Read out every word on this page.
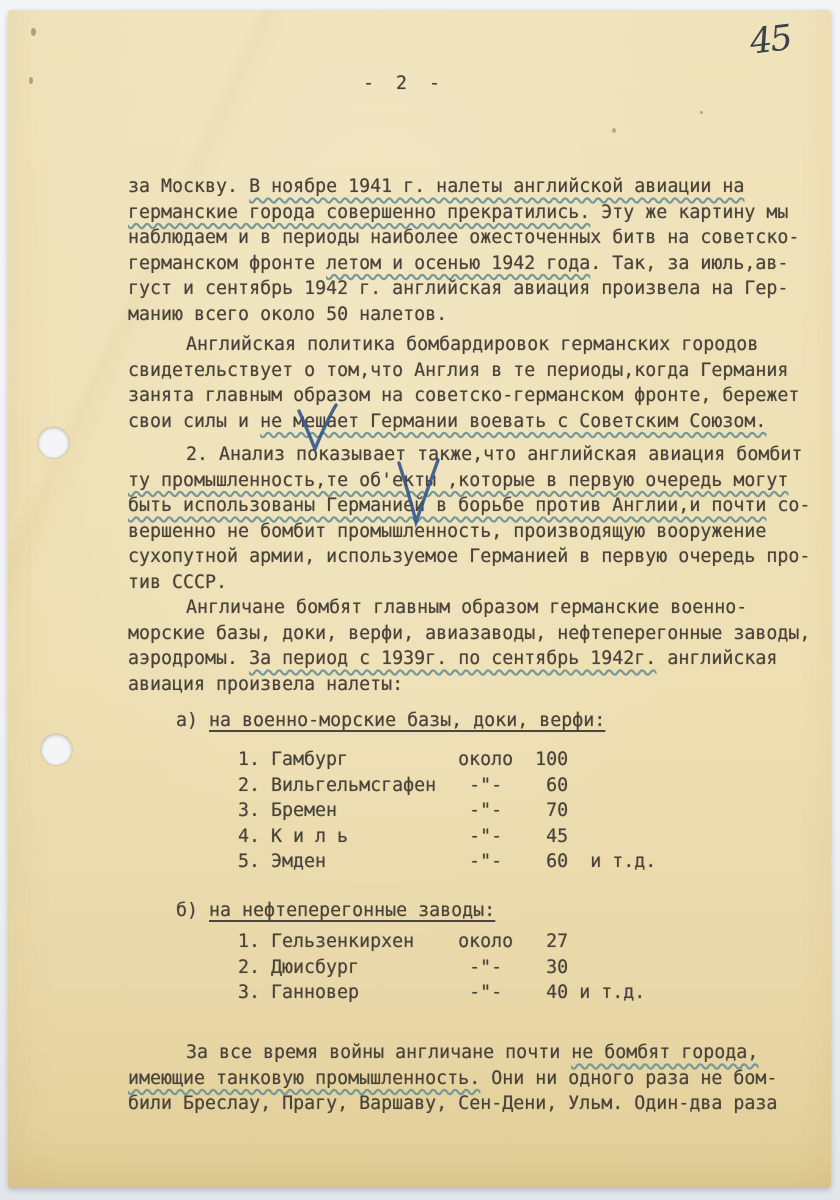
45
-  2  -
за Москву. В ноябре 1941 г. налеты английской авиации на
германские города совершенно прекратились. Эту же картину мы
наблюдаем и в периоды наиболее ожесточенных битв на советско-
германском фронте летом и осенью 1942 года. Так, за июль,ав-
густ и сентябрь 1942 г. английская авиация произвела на Гер-
манию всего около 50 налетов.
Английская политика бомбардировок германских городов
свидетельствует о том,что Англия в те периоды,когда Германия
занята главным образом на советско-германском фронте, бережет
свои силы и не мешает Германии воевать с Советским Союзом.
2. Анализ показывает также,что английская авиация бомбит
ту промышленность,те об'екты ,которые в первую очередь могут
быть использованы Германией в борьбе против Англии,и почти со-
вершенно не бомбит промышленность, производящую вооружение
сухопутной армии, используемое Германией в первую очередь про-
тив СССР.
Англичане бомбят главным образом германские военно-
морские базы, доки, верфи, авиазаводы, нефтеперегонные заводы,
аэродромы. За период с 1939г. по сентябрь 1942г. английская
авиация произвела налеты:
а) на военно-морские базы, доки, верфи:
1. Гамбург          около  100
2. Вильгельмсгафен   -"-    60
3. Бремен            -"-    70
4. К и л ь           -"-    45
5. Эмден             -"-    60  и т.д.
б) на нефтеперегонные заводы:
1. Гельзенкирхен    около   27
2. Дюисбург          -"-    30
3. Ганновер          -"-    40 и т.д.
За все время войны англичане почти не бомбят города,
имеющие танковую промышленность. Они ни одного раза не бом-
били Бреслау, Прагу, Варшаву, Сен-Дени, Ульм. Один-два раза
